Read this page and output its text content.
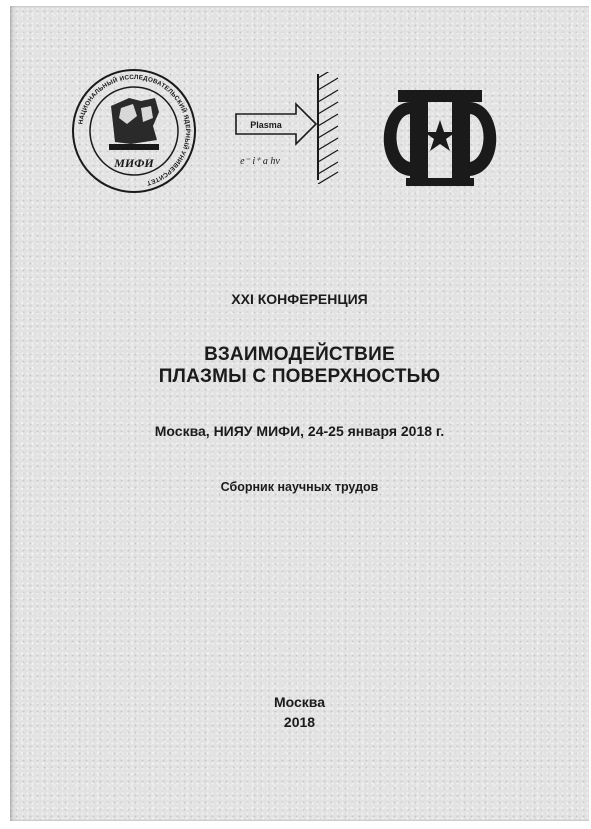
НАЦИОНАЛЬНЫЙ ИССЛЕДОВАТЕЛЬСКИЙ ЯДЕРНЫЙ УНИВЕРСИТЕТ
МИФИ
Plasma
e⁻ i⁺ a hv
XXI КОНФЕРЕНЦИЯ
ВЗАИМОДЕЙСТВИЕ
ПЛАЗМЫ С ПОВЕРХНОСТЬЮ
Москва, НИЯУ МИФИ, 24-25 января 2018 г.
Сборник научных трудов
Москва
2018
